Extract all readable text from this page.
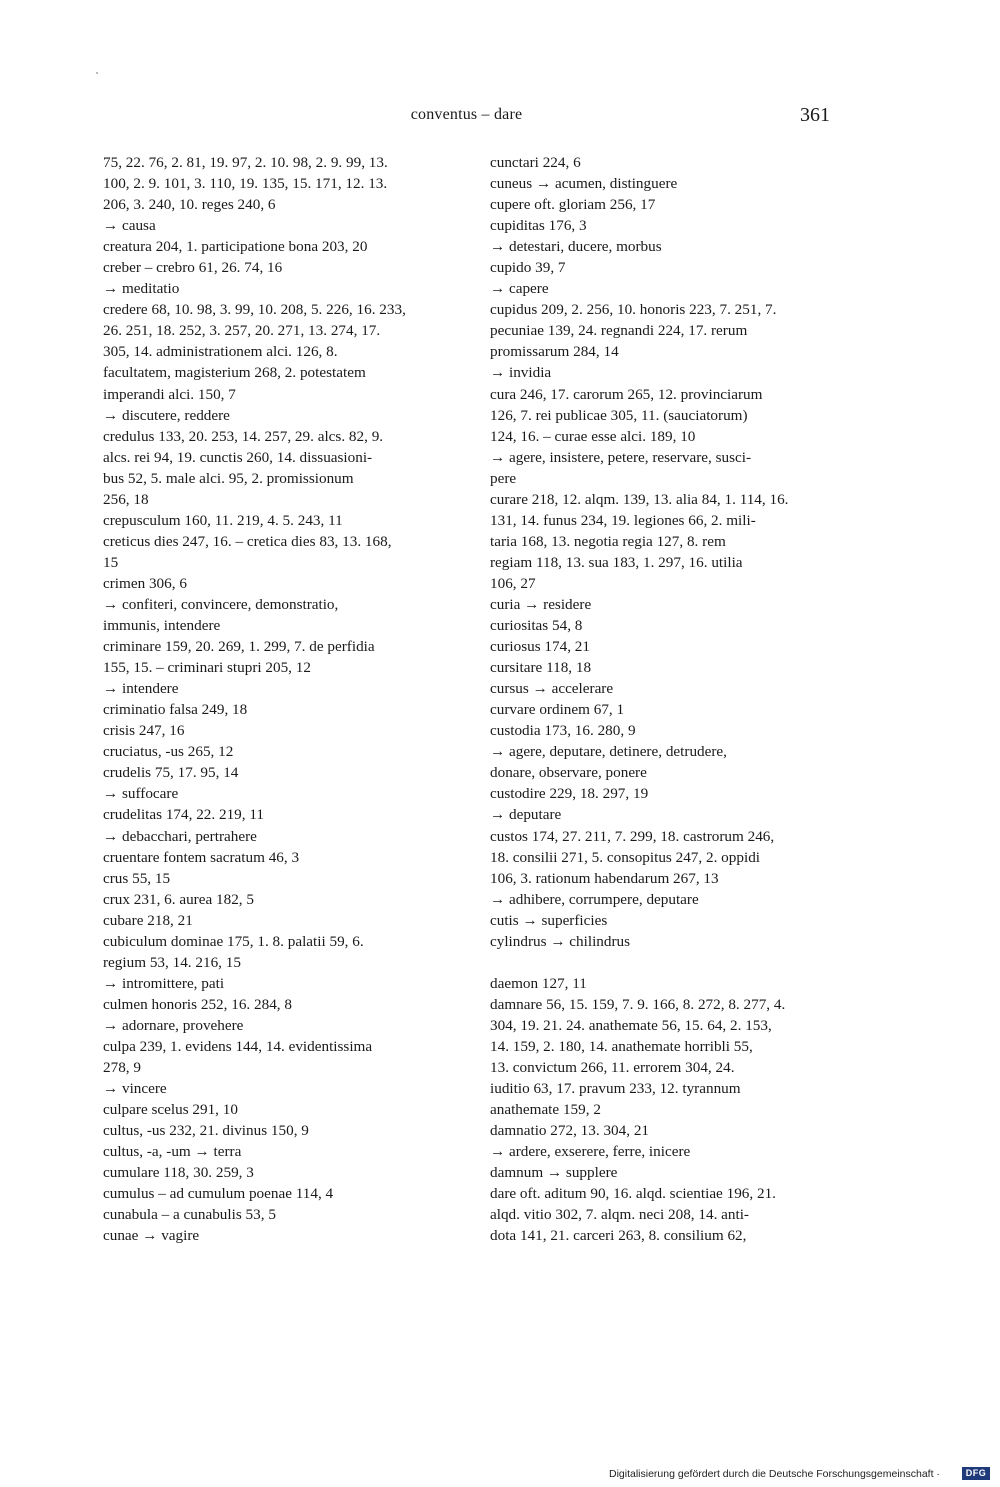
conventus – dare	361
75, 22. 76, 2. 81, 19. 97, 2. 10. 98, 2. 9. 99, 13.
100, 2. 9. 101, 3. 110, 19. 135, 15. 171, 12. 13.
206, 3. 240, 10. reges 240, 6
→ causa
creatura 204, 1. participatione bona 203, 20
creber – crebro 61, 26. 74, 16
→ meditatio
credere 68, 10. 98, 3. 99, 10. 208, 5. 226, 16. 233,
26. 251, 18. 252, 3. 257, 20. 271, 13. 274, 17.
305, 14. administrationem alci. 126, 8.
facultatem, magisterium 268, 2. potestatem
imperandi alci. 150, 7
→ discutere, reddere
credulus 133, 20. 253, 14. 257, 29. alcs. 82, 9.
alcs. rei 94, 19. cunctis 260, 14. dissuasioni-
bus 52, 5. male alci. 95, 2. promissionum
256, 18
crepusculum 160, 11. 219, 4. 5. 243, 11
creticus dies 247, 16. – cretica dies 83, 13. 168,
15
crimen 306, 6
→ confiteri, convincere, demonstratio,
immunis, intendere
criminare 159, 20. 269, 1. 299, 7. de perfidia
155, 15. – criminari stupri 205, 12
→ intendere
criminatio falsa 249, 18
crisis 247, 16
cruciatus, -us 265, 12
crudelis 75, 17. 95, 14
→ suffocare
crudelitas 174, 22. 219, 11
→ debacchari, pertrahere
cruentare fontem sacratum 46, 3
crus 55, 15
crux 231, 6. aurea 182, 5
cubare 218, 21
cubiculum dominae 175, 1. 8. palatii 59, 6.
regium 53, 14. 216, 15
→ intromittere, pati
culmen honoris 252, 16. 284, 8
→ adornare, provehere
culpa 239, 1. evidens 144, 14. evidentissima
278, 9
→ vincere
culpare scelus 291, 10
cultus, -us 232, 21. divinus 150, 9
cultus, -a, -um → terra
cumulare 118, 30. 259, 3
cumulus – ad cumulum poenae 114, 4
cunabula – a cunabulis 53, 5
cunae → vagire
cunctari 224, 6
cuneus → acumen, distinguere
cupere oft. gloriam 256, 17
cupiditas 176, 3
→ detestari, ducere, morbus
cupido 39, 7
→ capere
cupidus 209, 2. 256, 10. honoris 223, 7. 251, 7.
pecuniae 139, 24. regnandi 224, 17. rerum
promissarum 284, 14
→ invidia
cura 246, 17. carorum 265, 12. provinciarum
126, 7. rei publicae 305, 11. (sauciatorum)
124, 16. – curae esse alci. 189, 10
→ agere, insistere, petere, reservare, susci-
pere
curare 218, 12. alqm. 139, 13. alia 84, 1. 114, 16.
131, 14. funus 234, 19. legiones 66, 2. mili-
taria 168, 13. negotia regia 127, 8. rem
regiam 118, 13. sua 183, 1. 297, 16. utilia
106, 27
curia → residere
curiositas 54, 8
curiosus 174, 21
cursitare 118, 18
cursus → accelerare
curvare ordinem 67, 1
custodia 173, 16. 280, 9
→ agere, deputare, detinere, detrudere,
donare, observare, ponere
custodire 229, 18. 297, 19
→ deputare
custos 174, 27. 211, 7. 299, 18. castrorum 246,
18. consilii 271, 5. consopitus 247, 2. oppidi
106, 3. rationum habendarum 267, 13
→ adhibere, corrumpere, deputare
cutis → superficies
cylindrus → chilindrus
daemon 127, 11
damnare 56, 15. 159, 7. 9. 166, 8. 272, 8. 277, 4.
304, 19. 21. 24. anathemate 56, 15. 64, 2. 153,
14. 159, 2. 180, 14. anathemate horribli 55,
13. convictum 266, 11. errorem 304, 24.
iuditio 63, 17. pravum 233, 12. tyrannum
anathemate 159, 2
damnatio 272, 13. 304, 21
→ ardere, exserere, ferre, inicere
damnum → supplere
dare oft. aditum 90, 16. alqd. scientiae 196, 21.
alqd. vitio 302, 7. alqm. neci 208, 14. anti-
dota 141, 21. carceri 263, 8. consilium 62,
Digitalisierung gefördert durch die Deutsche Forschungsgemeinschaft ·	DFG
